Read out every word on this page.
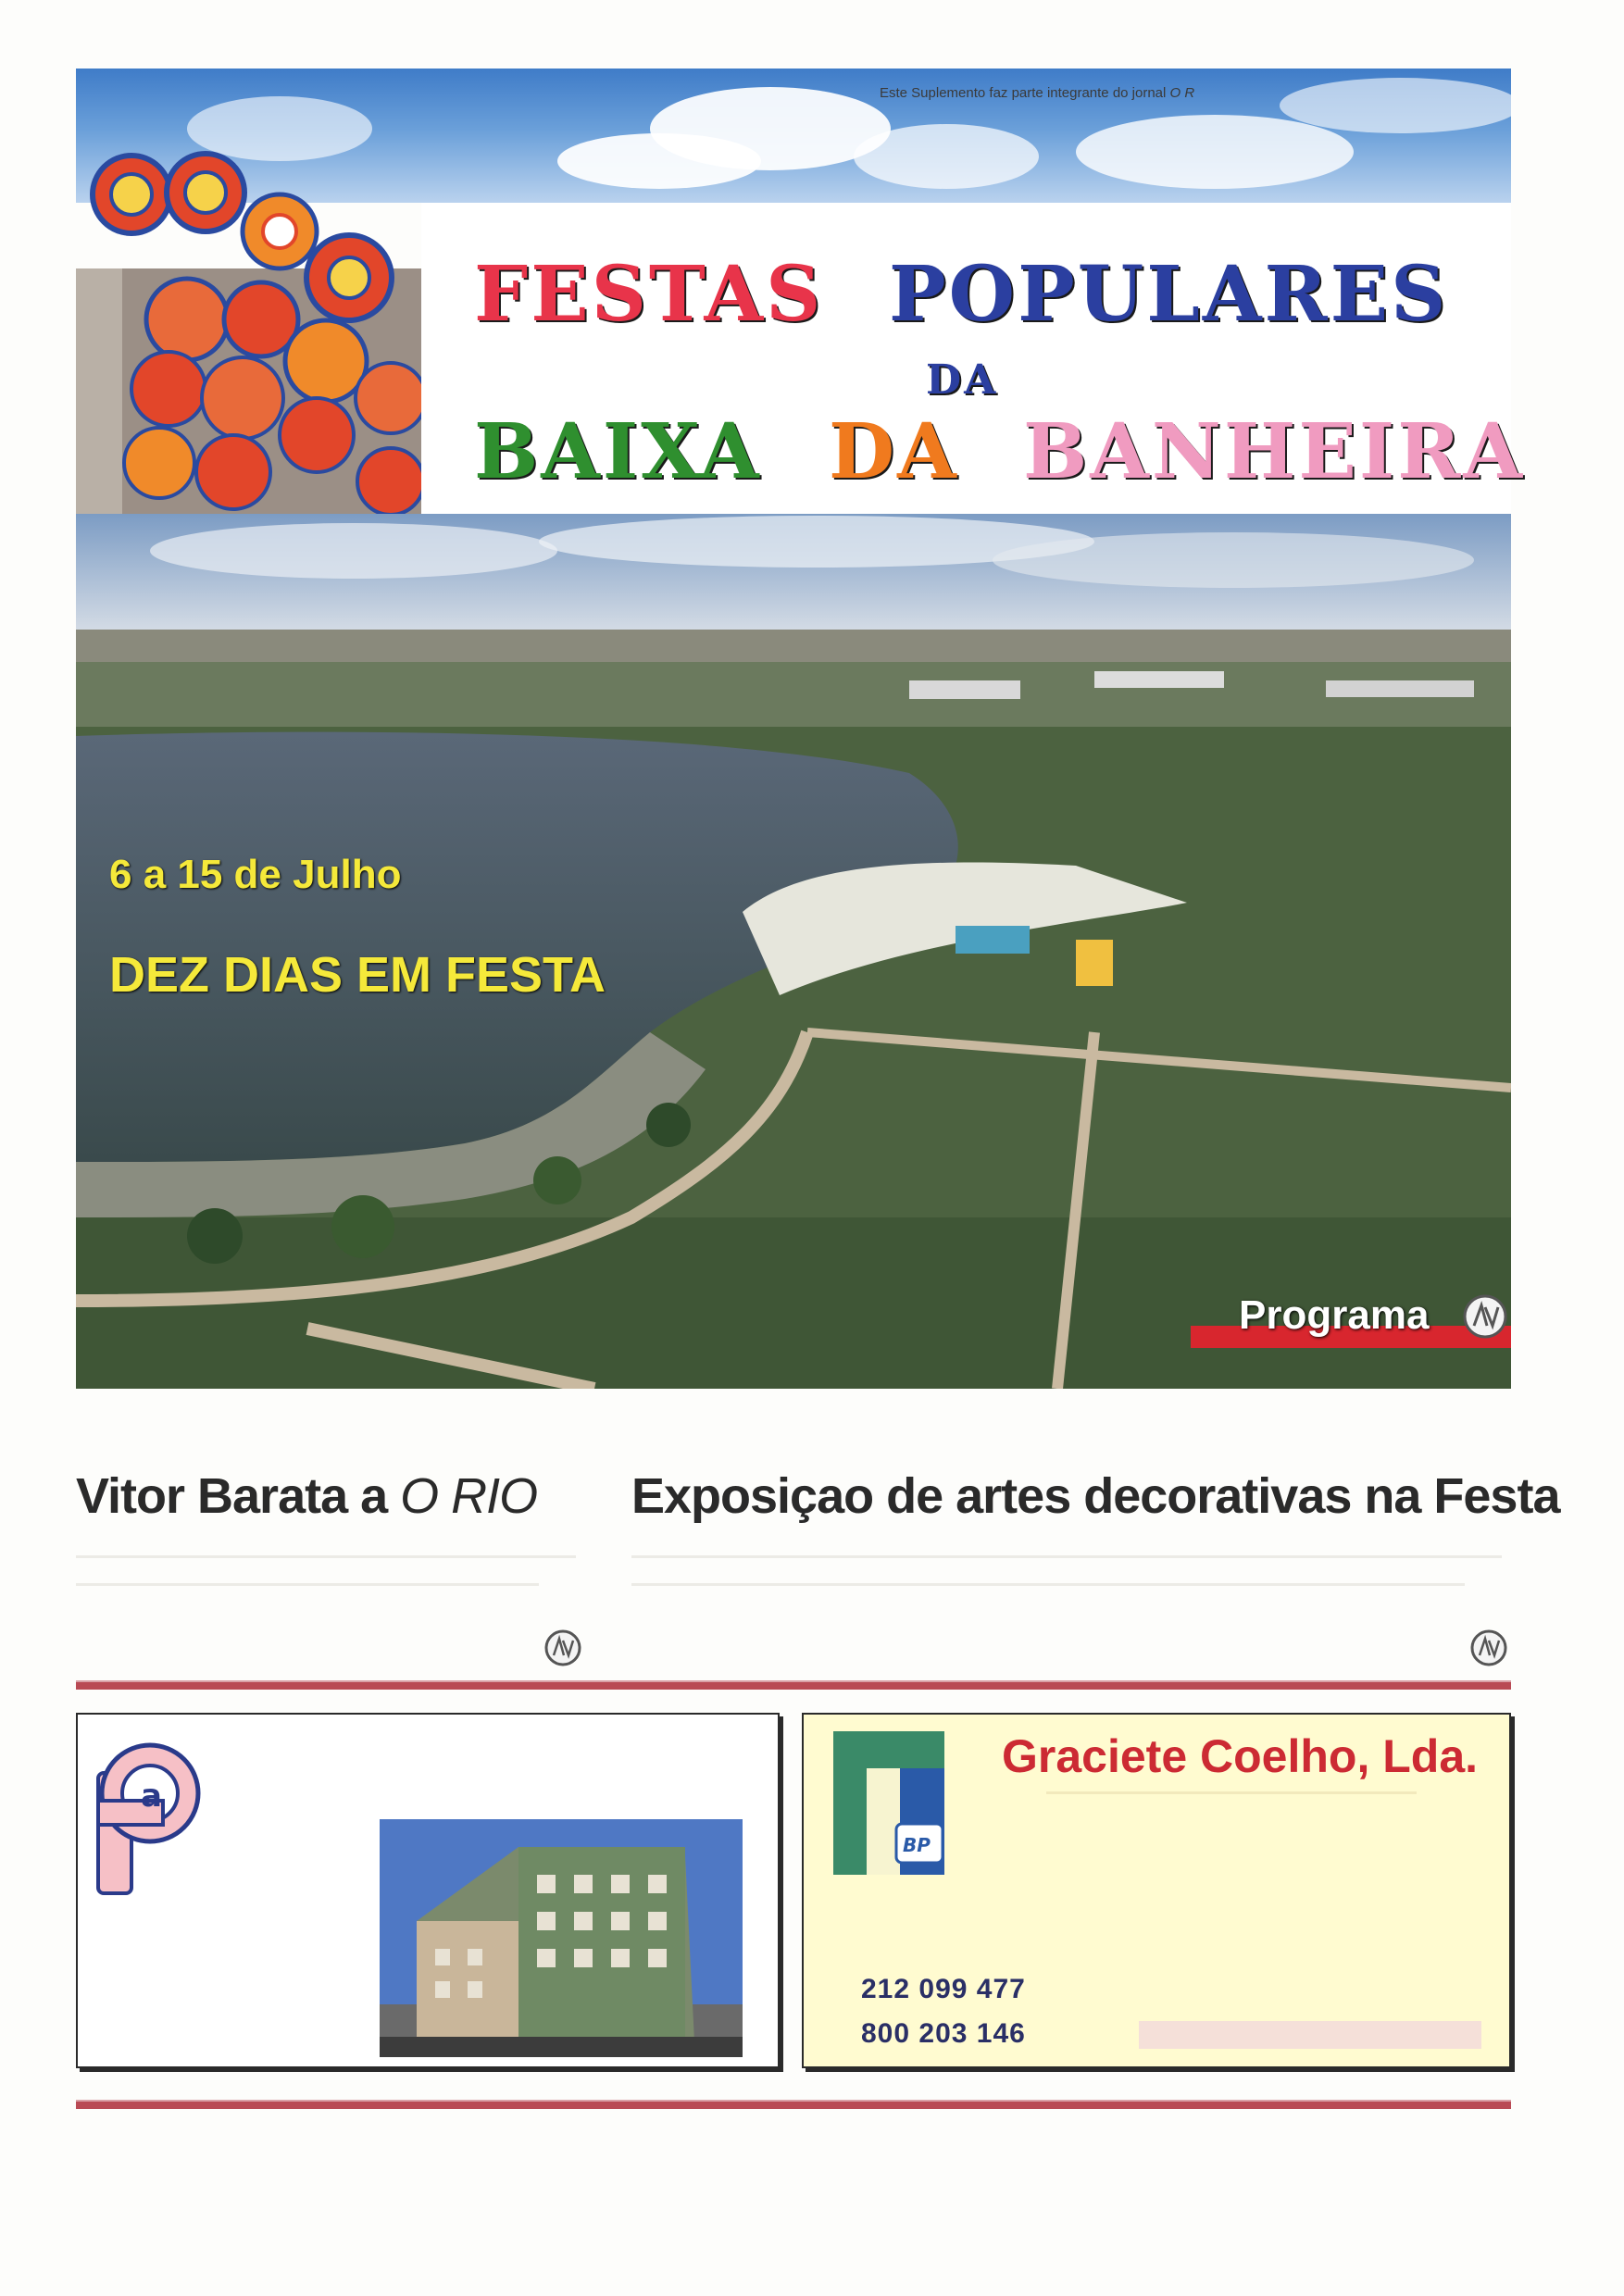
Este Suplemento faz parte integrante do jornal O R
FESTAS POPULARES
DA
BAIXA DA BANHEIRA
6 a 15 de Julho
DEZ DIAS EM FESTA
Programa
Vitor Barata a O RIO Exposiçao de artes decorativas na Festa
a
BP
Graciete Coelho, Lda.
212 099 477
800 203 146
